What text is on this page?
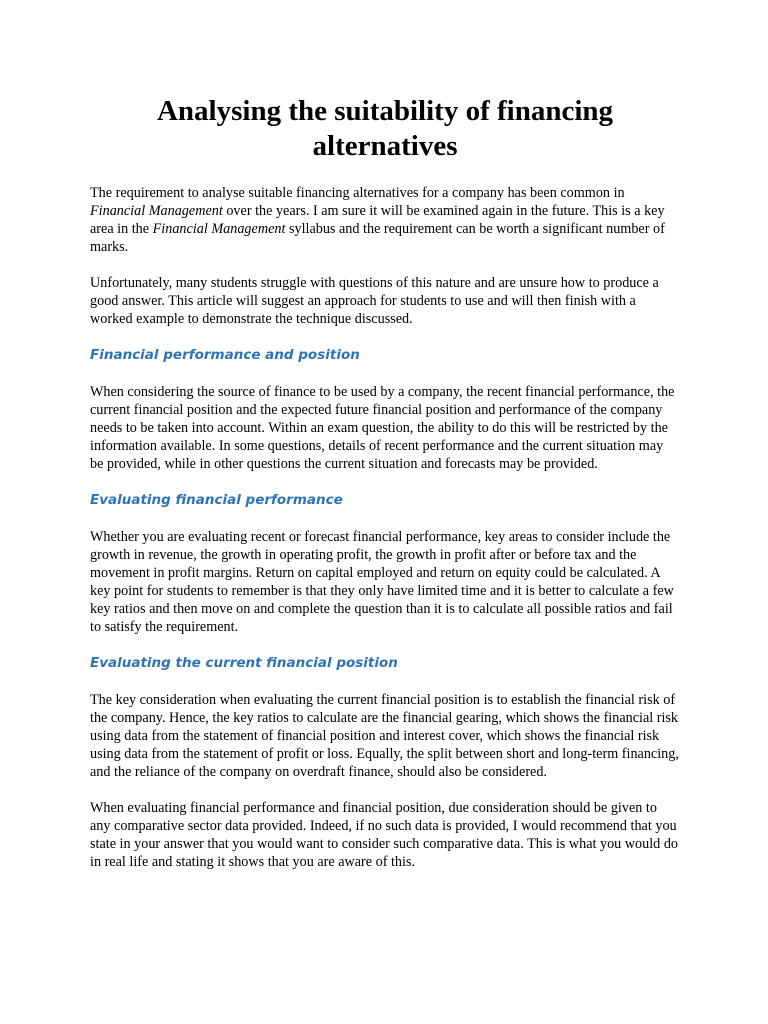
Analysing the suitability of financing alternatives

The requirement to analyse suitable financing alternatives for a company has been common in Financial Management over the years. I am sure it will be examined again in the future. This is a key area in the Financial Management syllabus and the requirement can be worth a significant number of marks.

Unfortunately, many students struggle with questions of this nature and are unsure how to produce a good answer. This article will suggest an approach for students to use and will then finish with a worked example to demonstrate the technique discussed.

Financial performance and position

When considering the source of finance to be used by a company, the recent financial performance, the current financial position and the expected future financial position and performance of the company needs to be taken into account. Within an exam question, the ability to do this will be restricted by the information available. In some questions, details of recent performance and the current situation may be provided, while in other questions the current situation and forecasts may be provided.

Evaluating financial performance

Whether you are evaluating recent or forecast financial performance, key areas to consider include the growth in revenue, the growth in operating profit, the growth in profit after or before tax and the movement in profit margins. Return on capital employed and return on equity could be calculated. A key point for students to remember is that they only have limited time and it is better to calculate a few key ratios and then move on and complete the question than it is to calculate all possible ratios and fail to satisfy the requirement.

Evaluating the current financial position

The key consideration when evaluating the current financial position is to establish the financial risk of the company. Hence, the key ratios to calculate are the financial gearing, which shows the financial risk using data from the statement of financial position and interest cover, which shows the financial risk using data from the statement of profit or loss. Equally, the split between short and long-term financing, and the reliance of the company on overdraft finance, should also be considered.

When evaluating financial performance and financial position, due consideration should be given to any comparative sector data provided. Indeed, if no such data is provided, I would recommend that you state in your answer that you would want to consider such comparative data. This is what you would do in real life and stating it shows that you are aware of this.
